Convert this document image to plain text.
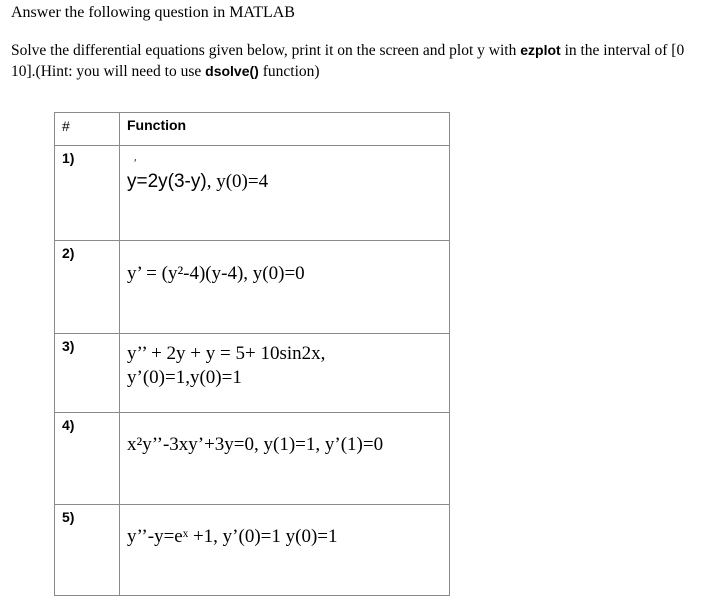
Answer the following question in MATLAB
Solve the differential equations given below, print it on the screen and plot y with ezplot in the interval of [0 10].(Hint: you will need to use dsolve() function)
#	Function
1)	y=2y(3-y), y(0)=4
2)	y’ = (y²-4)(y-4), y(0)=0
3)	y’’ + 2y + y = 5+ 10sin2x,
y’(0)=1,y(0)=1

4)	x²y’’-3xy’+3y=0, y(1)=1, y’(1)=0
5)	y’’-y=eˣ +1, y’(0)=1 y(0)=1
ʹ
